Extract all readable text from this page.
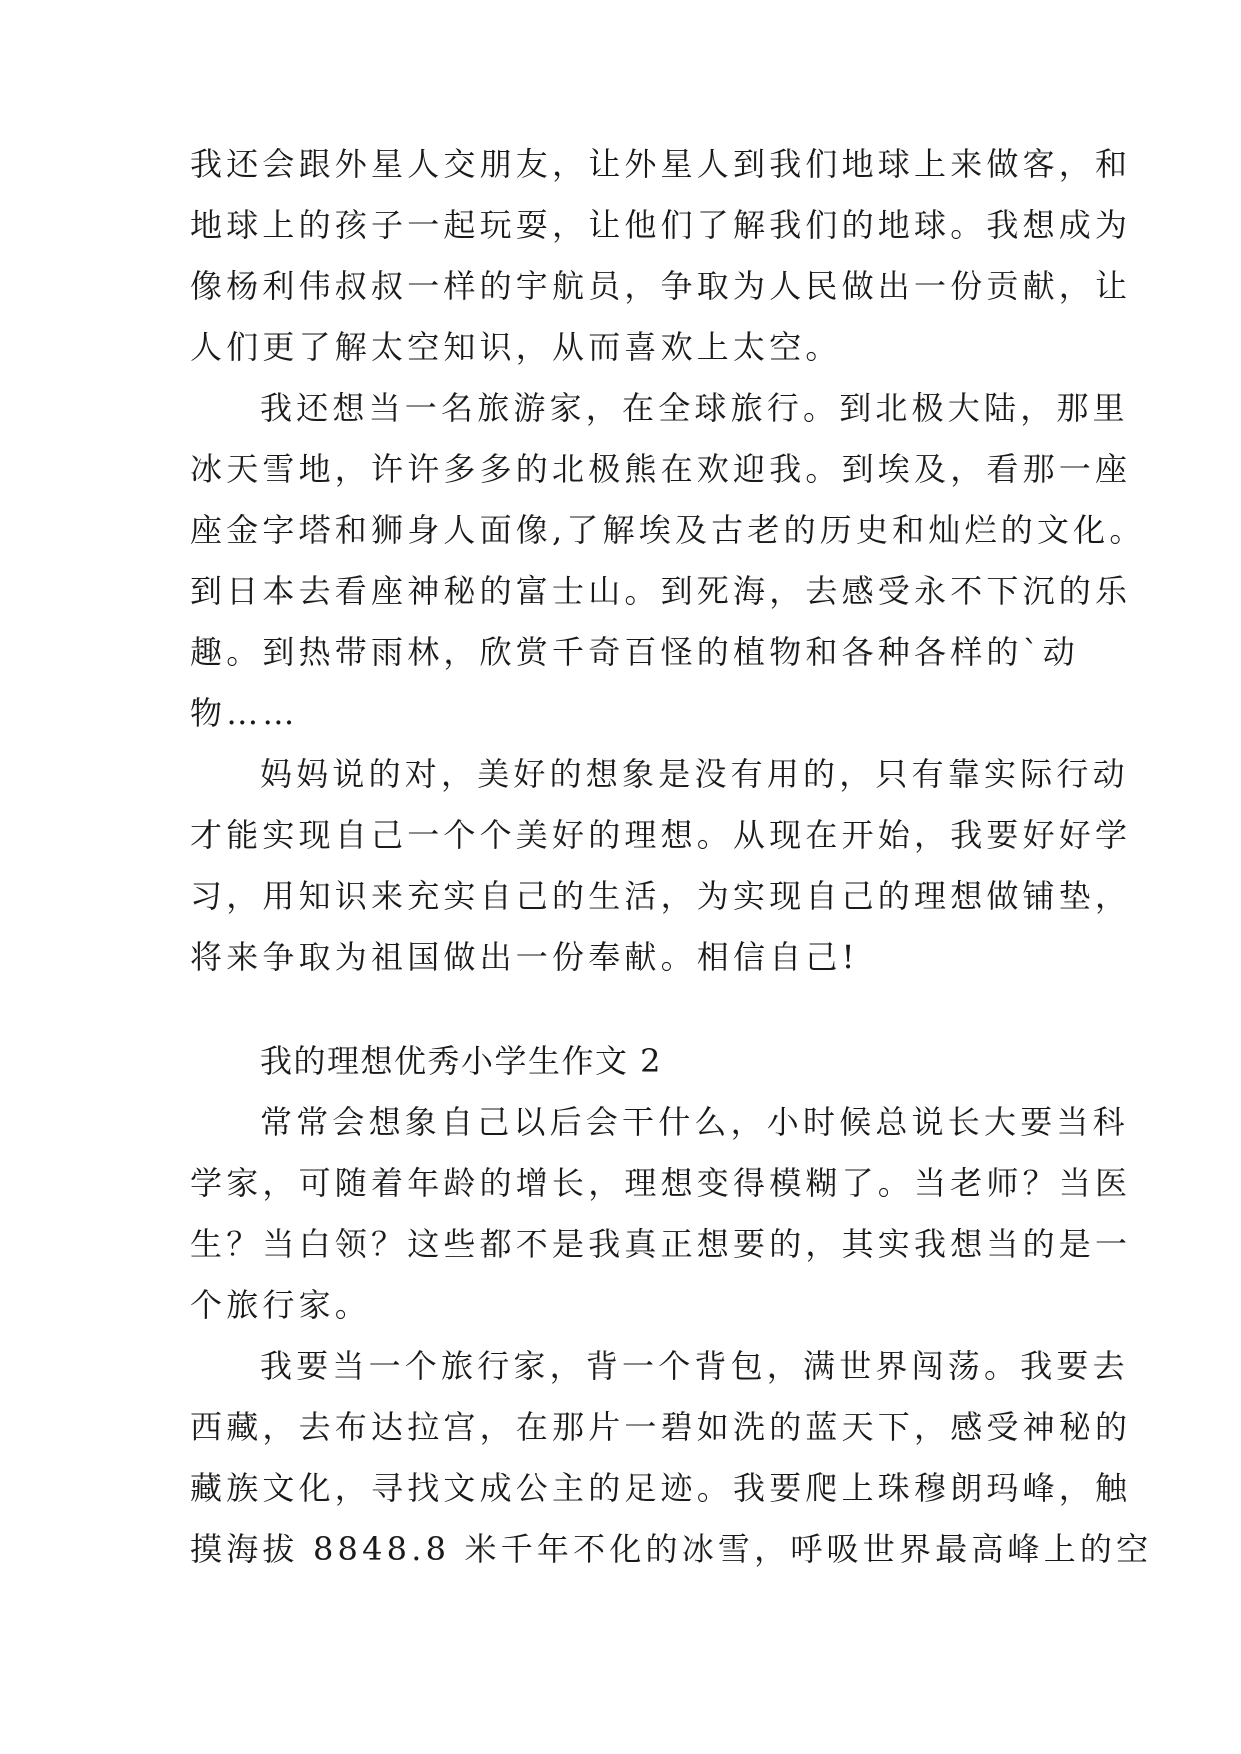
我还会跟外星人交朋友，让外星人到我们地球上来做客，和
地球上的孩子一起玩耍，让他们了解我们的地球。我想成为
像杨利伟叔叔一样的宇航员，争取为人民做出一份贡献，让
人们更了解太空知识，从而喜欢上太空。
我还想当一名旅游家，在全球旅行。到北极大陆，那里
冰天雪地，许许多多的北极熊在欢迎我。到埃及，看那一座
座金字塔和狮身人面像,了解埃及古老的历史和灿烂的文化。
到日本去看座神秘的富士山。到死海，去感受永不下沉的乐
趣。到热带雨林，欣赏千奇百怪的植物和各种各样的`动
物……
妈妈说的对，美好的想象是没有用的，只有靠实际行动
才能实现自己一个个美好的理想。从现在开始，我要好好学
习，用知识来充实自己的生活，为实现自己的理想做铺垫，
将来争取为祖国做出一份奉献。相信自己!
我的理想优秀小学生作文 2
常常会想象自己以后会干什么，小时候总说长大要当科
学家，可随着年龄的增长，理想变得模糊了。当老师？当医
生？当白领？这些都不是我真正想要的，其实我想当的是一
个旅行家。
我要当一个旅行家，背一个背包，满世界闯荡。我要去
西藏，去布达拉宫，在那片一碧如洗的蓝天下，感受神秘的
藏族文化，寻找文成公主的足迹。我要爬上珠穆朗玛峰，触
摸海拔 8848.8 米千年不化的冰雪，呼吸世界最高峰上的空
